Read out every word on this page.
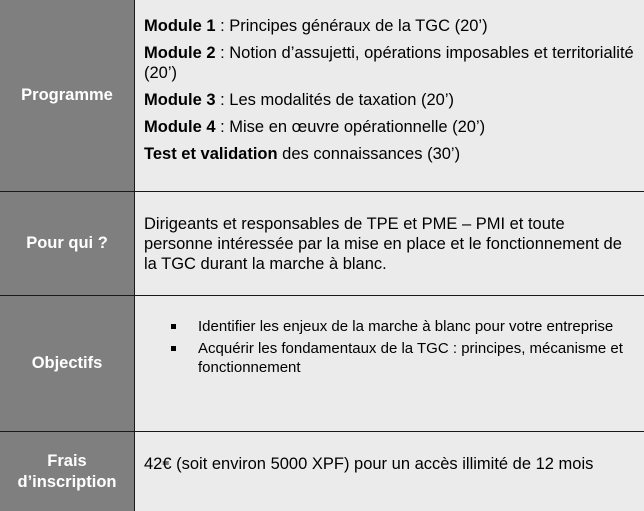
Programme
Module 1 : Principes généraux de la TGC (20’)
Module 2 : Notion d’assujetti, opérations imposables et territorialité (20’)
Module 3 : Les modalités de taxation (20’)
Module 4 : Mise en œuvre opérationnelle (20’)
Test et validation des connaissances (30’)
Pour qui ?
Dirigeants et responsables de TPE et PME – PMI et toute personne intéressée par la mise en place et le fonctionnement de la TGC durant la marche à blanc.
Objectifs
Identifier les enjeux de la marche à blanc pour votre entreprise
Acquérir les fondamentaux de la TGC : principes, mécanisme et fonctionnement
Frais d’inscription
42€ (soit environ 5000 XPF) pour un accès illimité de 12 mois
